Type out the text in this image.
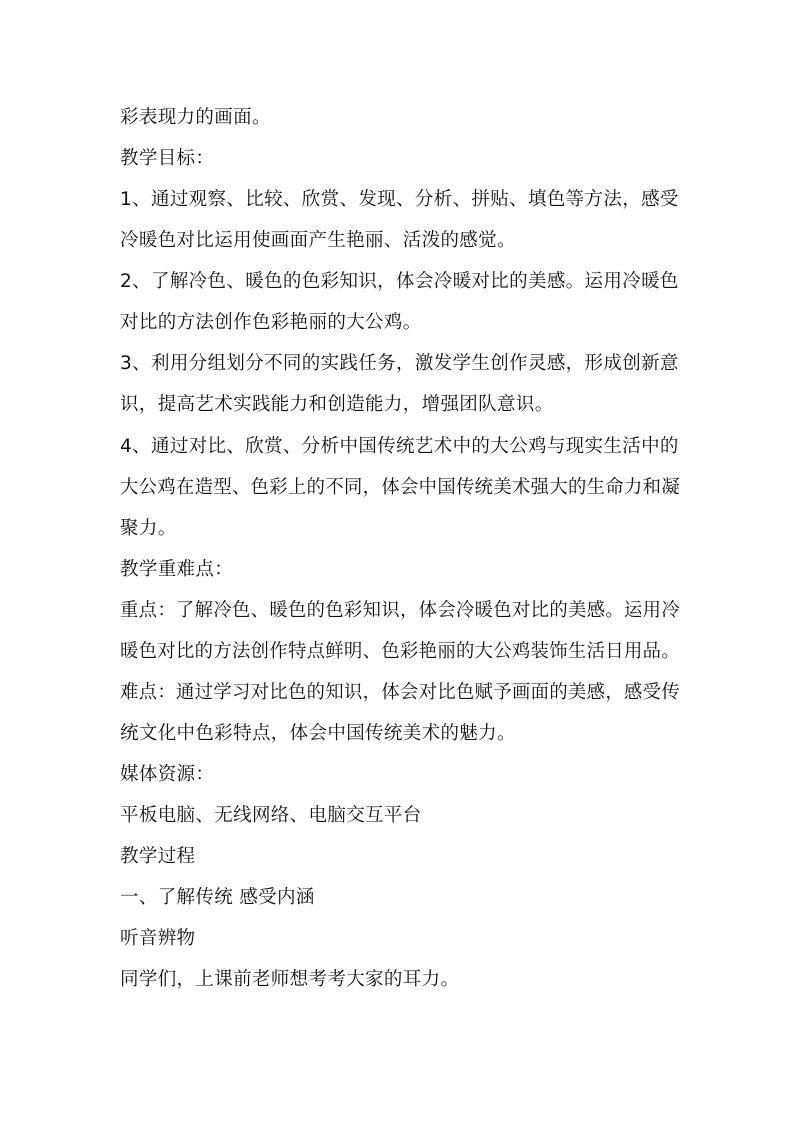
彩表现力的画面。
教学目标：
1、通过观察、比较、欣赏、发现、分析、拼贴、填色等方法，感受
冷暖色对比运用使画面产生艳丽、活泼的感觉。
2、了解冷色、暖色的色彩知识，体会冷暖对比的美感。运用冷暖色
对比的方法创作色彩艳丽的大公鸡。
3、利用分组划分不同的实践任务，激发学生创作灵感，形成创新意
识，提高艺术实践能力和创造能力，增强团队意识。
4、通过对比、欣赏、分析中国传统艺术中的大公鸡与现实生活中的
大公鸡在造型、色彩上的不同，体会中国传统美术强大的生命力和凝
聚力。
教学重难点：
重点：了解冷色、暖色的色彩知识，体会冷暖色对比的美感。运用冷
暖色对比的方法创作特点鲜明、色彩艳丽的大公鸡装饰生活日用品。
难点：通过学习对比色的知识，体会对比色赋予画面的美感，感受传
统文化中色彩特点，体会中国传统美术的魅力。
媒体资源：
平板电脑、无线网络、电脑交互平台
教学过程
一、了解传统 感受内涵
听音辨物
同学们，上课前老师想考考大家的耳力。
